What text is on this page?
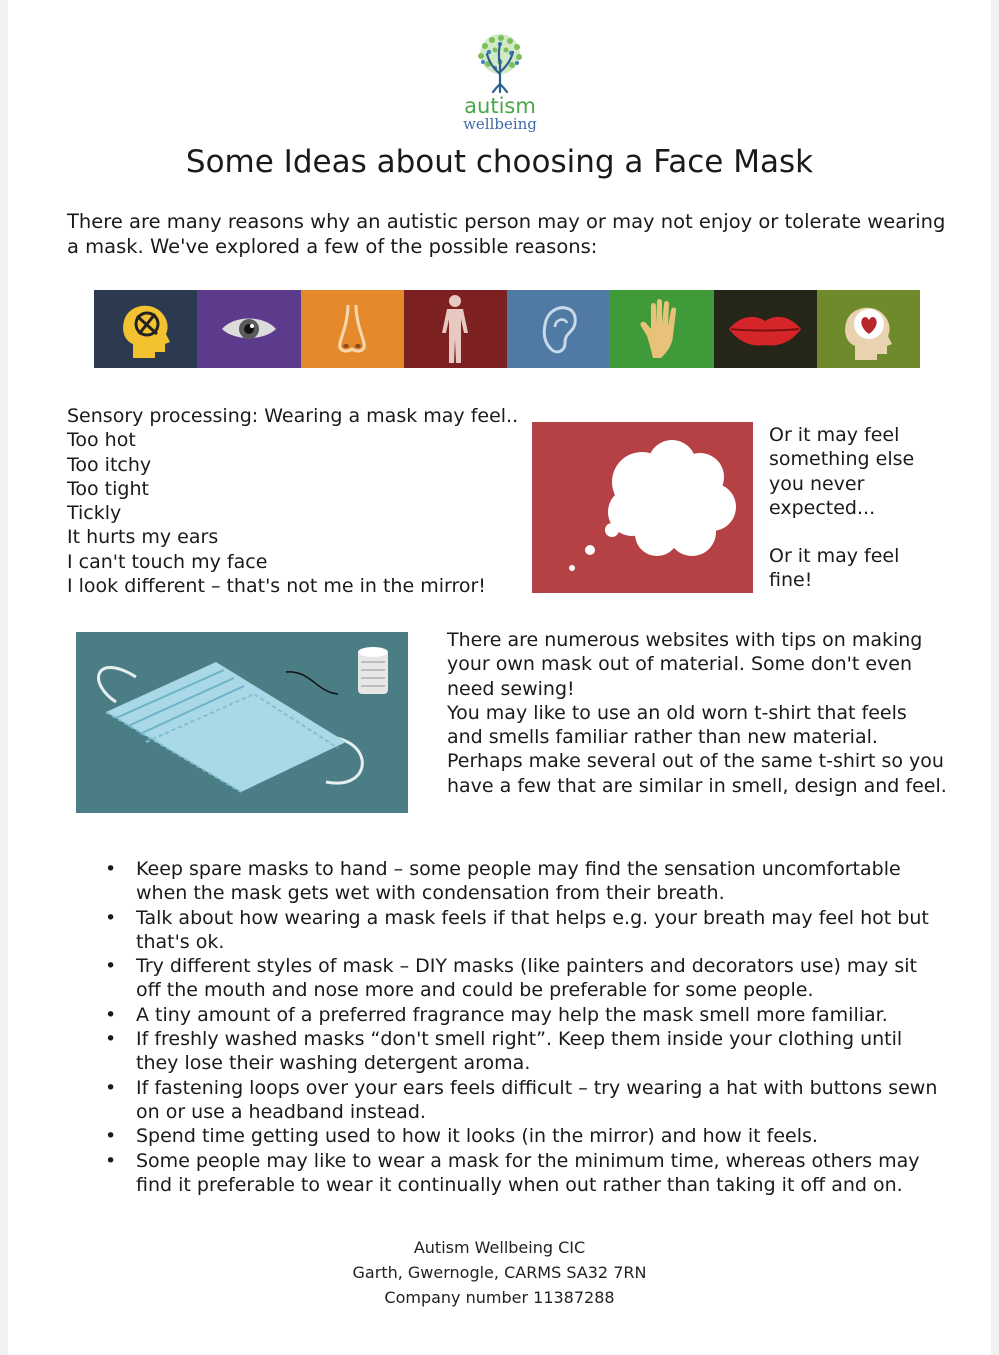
autism
wellbeing
Some Ideas about choosing a Face Mask

There are many reasons why an autistic person may or may not enjoy or tolerate wearing a mask. We've explored a few of the possible reasons:

Sensory processing: Wearing a mask may feel..
Too hot
Too itchy
Too tight
Tickly
It hurts my ears
I can't touch my face
I look different – that's not me in the mirror!

Or it may feel something else you never expected...

Or it may feel fine!

There are numerous websites with tips on making your own mask out of material. Some don't even need sewing!
You may like to use an old worn t-shirt that feels and smells familiar rather than new material. Perhaps make several out of the same t-shirt so you have a few that are similar in smell, design and feel.
• Keep spare masks to hand – some people may find the sensation uncomfortable when the mask gets wet with condensation from their breath.
• Talk about how wearing a mask feels if that helps e.g. your breath may feel hot but that's ok.
• Try different styles of mask – DIY masks (like painters and decorators use) may sit off the mouth and nose more and could be preferable for some people.
• A tiny amount of a preferred fragrance may help the mask smell more familiar.
• If freshly washed masks “don't smell right”. Keep them inside your clothing until they lose their washing detergent aroma.
• If fastening loops over your ears feels difficult – try wearing a hat with buttons sewn on or use a headband instead.
• Spend time getting used to how it looks (in the mirror) and how it feels.
• Some people may like to wear a mask for the minimum time, whereas others may find it preferable to wear it continually when out rather than taking it off and on.
Autism Wellbeing CIC
Garth, Gwernogle, CARMS SA32 7RN
Company number 11387288
